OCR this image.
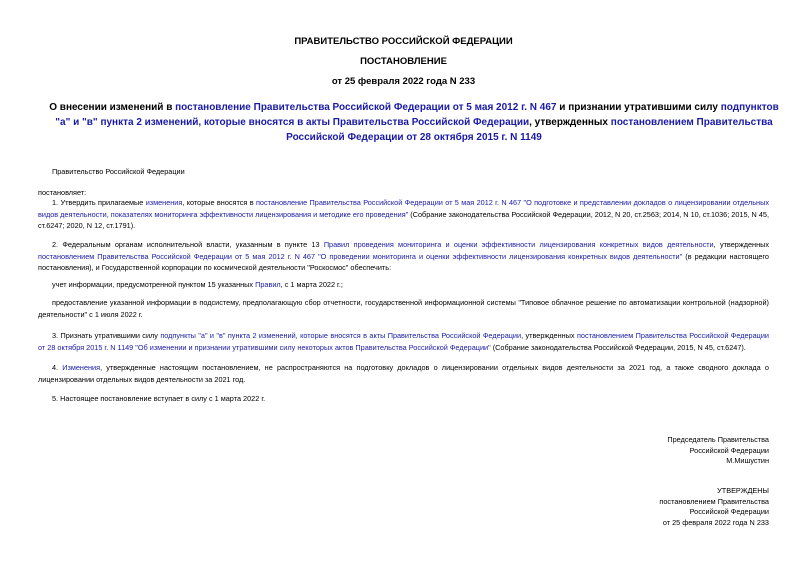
ПРАВИТЕЛЬСТВО РОССИЙСКОЙ ФЕДЕРАЦИИ
ПОСТАНОВЛЕНИЕ
от 25 февраля 2022 года N 233
О внесении изменений в постановление Правительства Российской Федерации от 5 мая 2012 г. N 467 и признании утратившими силу подпунктов "а" и "в" пункта 2 изменений, которые вносятся в акты Правительства Российской Федерации, утвержденных постановлением Правительства Российской Федерации от 28 октября 2015 г. N 1149
Правительство Российской Федерации
постановляет:
1. Утвердить прилагаемые изменения, которые вносятся в постановление Правительства Российской Федерации от 5 мая 2012 г. N 467 "О подготовке и представлении докладов о лицензировании отдельных видов деятельности, показателях мониторинга эффективности лицензирования и методике его проведения" (Собрание законодательства Российской Федерации, 2012, N 20, ст.2563; 2014, N 10, ст.1036; 2015, N 45, ст.6247; 2020, N 12, ст.1791).
2. Федеральным органам исполнительной власти, указанным в пункте 13 Правил проведения мониторинга и оценки эффективности лицензирования конкретных видов деятельности, утвержденных постановлением Правительства Российской Федерации от 5 мая 2012 г. N 467 "О проведении мониторинга и оценки эффективности лицензирования конкретных видов деятельности" (в редакции настоящего постановления), и Государственной корпорации по космической деятельности "Роскосмос" обеспечить:
учет информации, предусмотренной пунктом 15 указанных Правил, с 1 марта 2022 г.;
предоставление указанной информации в подсистему, предполагающую сбор отчетности, государственной информационной системы "Типовое облачное решение по автоматизации контрольной (надзорной) деятельности" с 1 июля 2022 г.
3. Признать утратившими силу подпункты "а" и "в" пункта 2 изменений, которые вносятся в акты Правительства Российской Федерации, утвержденных постановлением Правительства Российской Федерации от 28 октября 2015 г. N 1149 "Об изменении и признании утратившими силу некоторых актов Правительства Российской Федерации" (Собрание законодательства Российской Федерации, 2015, N 45, ст.6247).
4. Изменения, утвержденные настоящим постановлением, не распространяются на подготовку докладов о лицензировании отдельных видов деятельности за 2021 год, а также сводного доклада о лицензировании отдельных видов деятельности за 2021 год.
5. Настоящее постановление вступает в силу с 1 марта 2022 г.
Председатель Правительства
Российской Федерации
М.Мишустин
УТВЕРЖДЕНЫ
постановлением Правительства
Российской Федерации
от 25 февраля 2022 года N 233
